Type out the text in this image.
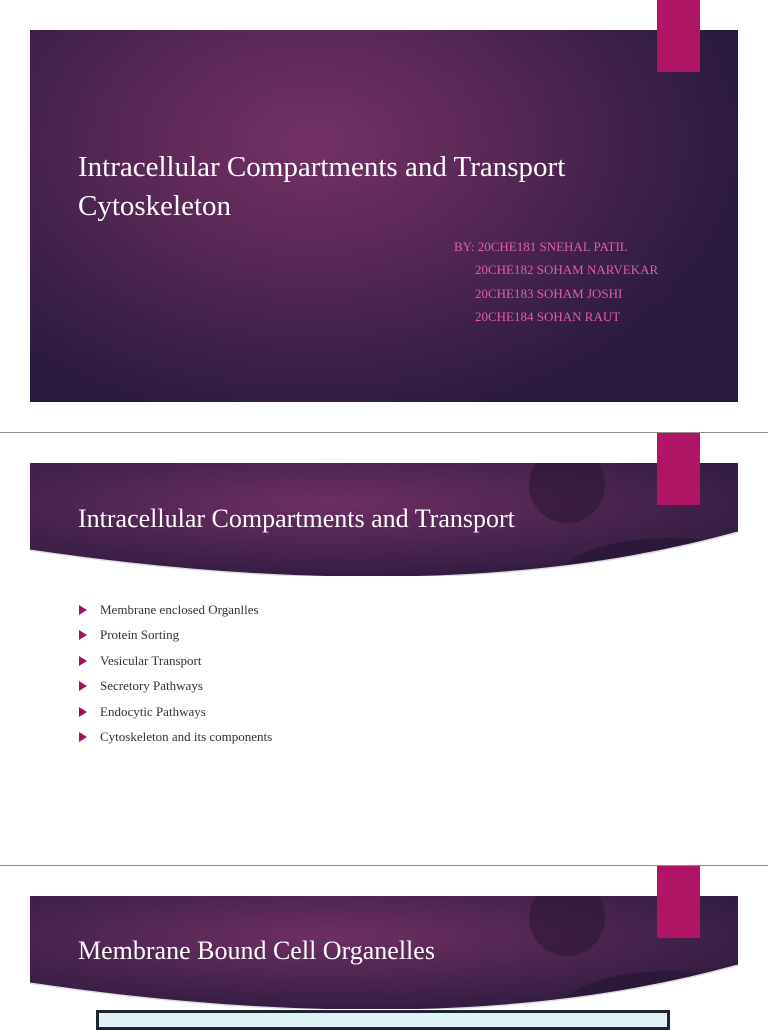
Intracellular Compartments and Transport
Cytoskeleton
BY: 20CHE181 SNEHAL PATIL
20CHE182 SOHAM NARVEKAR
20CHE183 SOHAM JOSHI
20CHE184 SOHAN RAUT
Intracellular Compartments and Transport
Membrane enclosed Organlles
Protein Sorting
Vesicular Transport
Secretory Pathways
Endocytic Pathways
Cytoskeleton and its components
Membrane Bound Cell Organelles
